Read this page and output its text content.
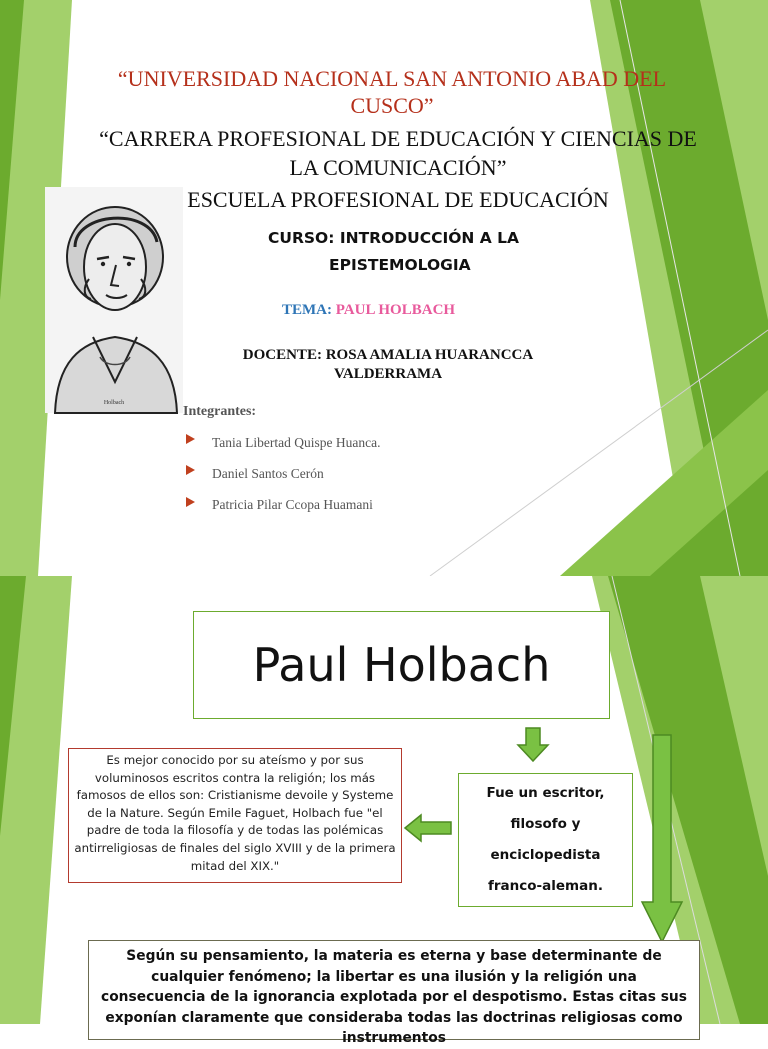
“UNIVERSIDAD NACIONAL SAN ANTONIO ABAD DEL CUSCO”
“CARRERA PROFESIONAL DE EDUCACIÓN Y CIENCIAS DE LA COMUNICACIÓN”
ESCUELA PROFESIONAL DE EDUCACIÓN
Holbach
CURSO: INTRODUCCIÓN A LA
EPISTEMOLOGIA
TEMA: PAUL HOLBACH
DOCENTE: ROSA AMALIA HUARANCCA
VALDERRAMA
Integrantes:
Tania Libertad Quispe Huanca.
Daniel Santos Cerón
Patricia Pilar Ccopa Huamani
Paul Holbach
Es mejor conocido por su ateísmo y por sus voluminosos escritos contra la religión; los más famosos de ellos son: Cristianisme devoile y Systeme de la Nature. Según Emile Faguet, Holbach fue "el padre de toda la filosofía y de todas las polémicas antirreligiosas de finales del siglo XVIII y de la primera mitad del XIX."
Fue un escritor,
filosofo y
enciclopedista
franco-aleman.
Según su pensamiento, la materia es eterna y base determinante de cualquier fenómeno; la libertar es una ilusión y la religión una consecuencia de la ignorancia explotada por el despotismo. Estas citas sus exponían claramente que consideraba todas las doctrinas religiosas como instrumentos
